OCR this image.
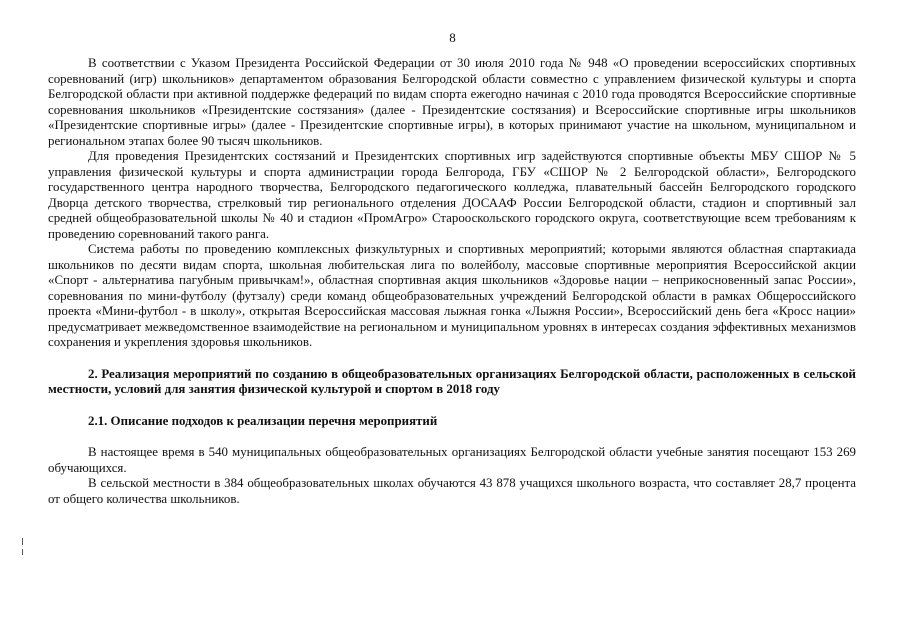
8

В соответствии с Указом Президента Российской Федерации от 30 июля 2010 года № 948 «О проведении всероссийских спортивных соревнований (игр) школьников» департаментом образования Белгородской области совместно с управлением физической культуры и спорта Белгородской области при активной поддержке федераций по видам спорта ежегодно начиная с 2010 года проводятся Всероссийские спортивные соревнования школьников «Президентские состязания» (далее - Президентские состязания) и Всероссийские спортивные игры школьников «Президентские спортивные игры» (далее - Президентские спортивные игры), в которых принимают участие на школьном, муниципальном и региональном этапах более 90 тысяч школьников.

Для проведения Президентских состязаний и Президентских спортивных игр задействуются спортивные объекты МБУ СШОР № 5 управления физической культуры и спорта администрации города Белгорода, ГБУ «СШОР № 2 Белгородской области», Белгородского государственного центра народного творчества, Белгородского педагогического колледжа, плавательный бассейн Белгородского городского Дворца детского творчества, стрелковый тир регионального отделения ДОСААФ России Белгородской области, стадион и спортивный зал средней общеобразовательной школы № 40 и стадион «ПромАгро» Старооскольского городского округа, соответствующие всем требованиям к проведению соревнований такого ранга.

Система работы по проведению комплексных физкультурных и спортивных мероприятий; которыми являются областная спартакиада школьников по десяти видам спорта, школьная любительская лига по волейболу, массовые спортивные мероприятия Всероссийской акции «Спорт - альтернатива пагубным привычкам!», областная спортивная акция школьников «Здоровье нации – неприкосновенный запас России», соревнования по мини-футболу (футзалу) среди команд общеобразовательных учреждений Белгородской области в рамках Общероссийского проекта «Мини-футбол - в школу», открытая Всероссийская массовая лыжная гонка «Лыжня России», Всероссийский день бега «Кросс нации» предусматривает межведомственное взаимодействие на региональном и муниципальном уровнях в интересах создания эффективных механизмов сохранения и укрепления здоровья школьников.

2. Реализация мероприятий по созданию в общеобразовательных организациях Белгородской области, расположенных в сельской местности, условий для занятия физической культурой и спортом в 2018 году

2.1. Описание подходов к реализации перечня мероприятий

В настоящее время в 540 муниципальных общеобразовательных организациях Белгородской области учебные занятия посещают 153 269 обучающихся.

В сельской местности в 384 общеобразовательных школах обучаются 43 878 учащихся школьного возраста, что составляет 28,7 процента от общего количества школьников.
